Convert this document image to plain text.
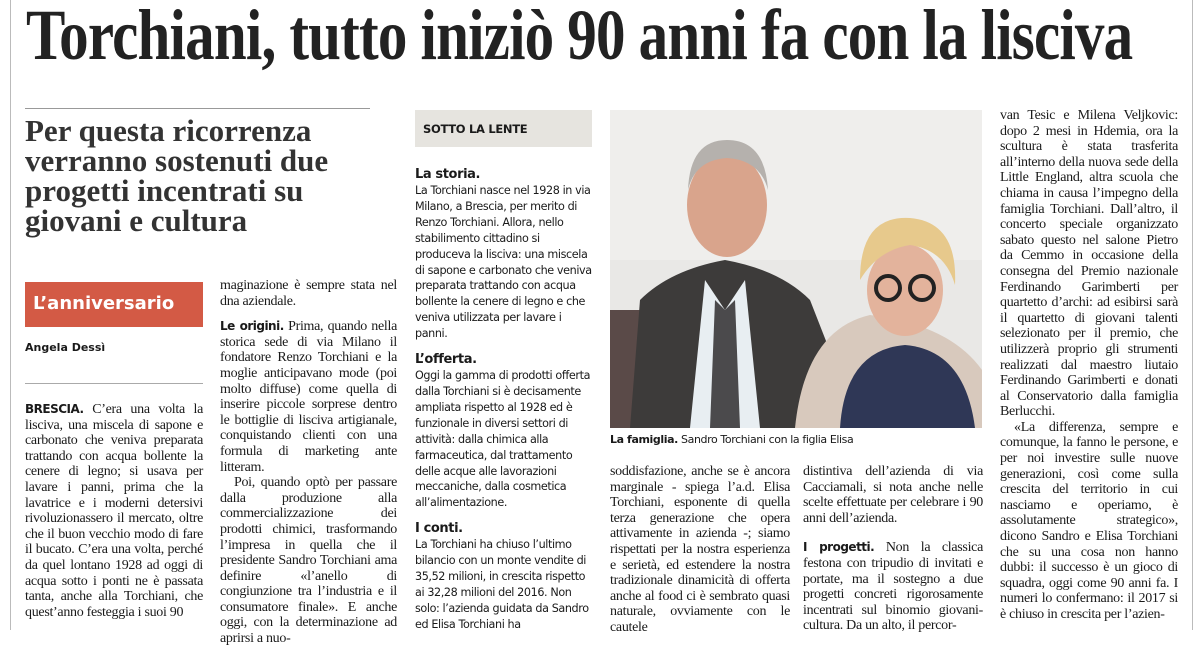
Torchiani, tutto iniziò 90 anni fa con la lisciva
Per questa ricorrenza verranno sostenuti due progetti incentrati su giovani e cultura
L’anniversario
Angela Dessì

BRESCIA. C’era una volta la lisciva, una miscela di sapone e carbonato che veniva preparata trattando con acqua bollente la cenere di legno; si usava per lavare i panni, prima che la lavatrice e i moderni detersivi rivoluzionassero il mercato, oltre che il buon vecchio modo di fare il bucato. C’era una volta, perché da quel lontano 1928 ad oggi di acqua sotto i ponti ne è passata tanta, anche alla Torchiani, che quest’anno festeggia i suoi 90

maginazione è sempre stata nel dna aziendale.

Le origini. Prima, quando nella storica sede di via Milano il fondatore Renzo Torchiani e la moglie anticipavano mode (poi molto diffuse) come quella di inserire piccole sorprese dentro le bottiglie di lisciva artigianale, conquistando clienti con una formula di marketing ante litteram.

Poi, quando optò per passare dalla produzione alla commercializzazione dei prodotti chimici, trasformando l’impresa in quella che il presidente Sandro Torchiani ama definire «l’anello di congiunzione tra l’industria e il consumatore finale». E anche oggi, con la determinazione ad aprirsi a nuo-

SOTTO LA LENTE
La storia.

La Torchiani nasce nel 1928 in via Milano, a Brescia, per merito di Renzo Torchiani. Allora, nello stabilimento cittadino si produceva la lisciva: una miscela di sapone e carbonato che veniva preparata trattando con acqua bollente la cenere di legno e che veniva utilizzata per lavare i panni.

L’offerta.

Oggi la gamma di prodotti offerta dalla Torchiani si è decisamente ampliata rispetto al 1928 ed è funzionale in diversi settori di attività: dalla chimica alla farmaceutica, dal trattamento delle acque alle lavorazioni meccaniche, dalla cosmetica all’alimentazione.

I conti.

La Torchiani ha chiuso l’ultimo bilancio con un monte vendite di 35,52 milioni, in crescita rispetto ai 32,28 milioni del 2016. Non solo: l’azienda guidata da Sandro ed Elisa Torchiani ha

La famiglia. Sandro Torchiani con la figlia Elisa

soddisfazione, anche se è ancora marginale - spiega l’a.d. Elisa Torchiani, esponente di quella terza generazione che opera attivamente in azienda -; siamo rispettati per la nostra esperienza e serietà, ed estendere la nostra tradizionale dinamicità di offerta anche al food ci è sembrato quasi naturale, ovviamente con le cautele

distintiva dell’azienda di via Cacciamali, si nota anche nelle scelte effettuate per celebrare i 90 anni dell’azienda.

I progetti. Non la classica festona con tripudio di invitati e portate, ma il sostegno a due progetti concreti rigorosamente incentrati sul binomio giovani-cultura. Da un alto, il percor-

van Tesic e Milena Veljkovic: dopo 2 mesi in Hdemia, ora la scultura è stata trasferita all’interno della nuova sede della Little England, altra scuola che chiama in causa l’impegno della famiglia Torchiani. Dall’altro, il concerto speciale organizzato sabato questo nel salone Pietro da Cemmo in occasione della consegna del Premio nazionale Ferdinando Garimberti per quartetto d’archi: ad esibirsi sarà il quartetto di giovani talenti selezionato per il premio, che utilizzerà proprio gli strumenti realizzati dal maestro liutaio Ferdinando Garimberti e donati al Conservatorio dalla famiglia Berlucchi.

«La differenza, sempre e comunque, la fanno le persone, e per noi investire sulle nuove generazioni, così come sulla crescita del territorio in cui nasciamo e operiamo, è assolutamente strategico», dicono Sandro e Elisa Torchiani che su una cosa non hanno dubbi: il successo è un gioco di squadra, oggi come 90 anni fa. I numeri lo confermano: il 2017 si è chiuso in crescita per l’azien-
